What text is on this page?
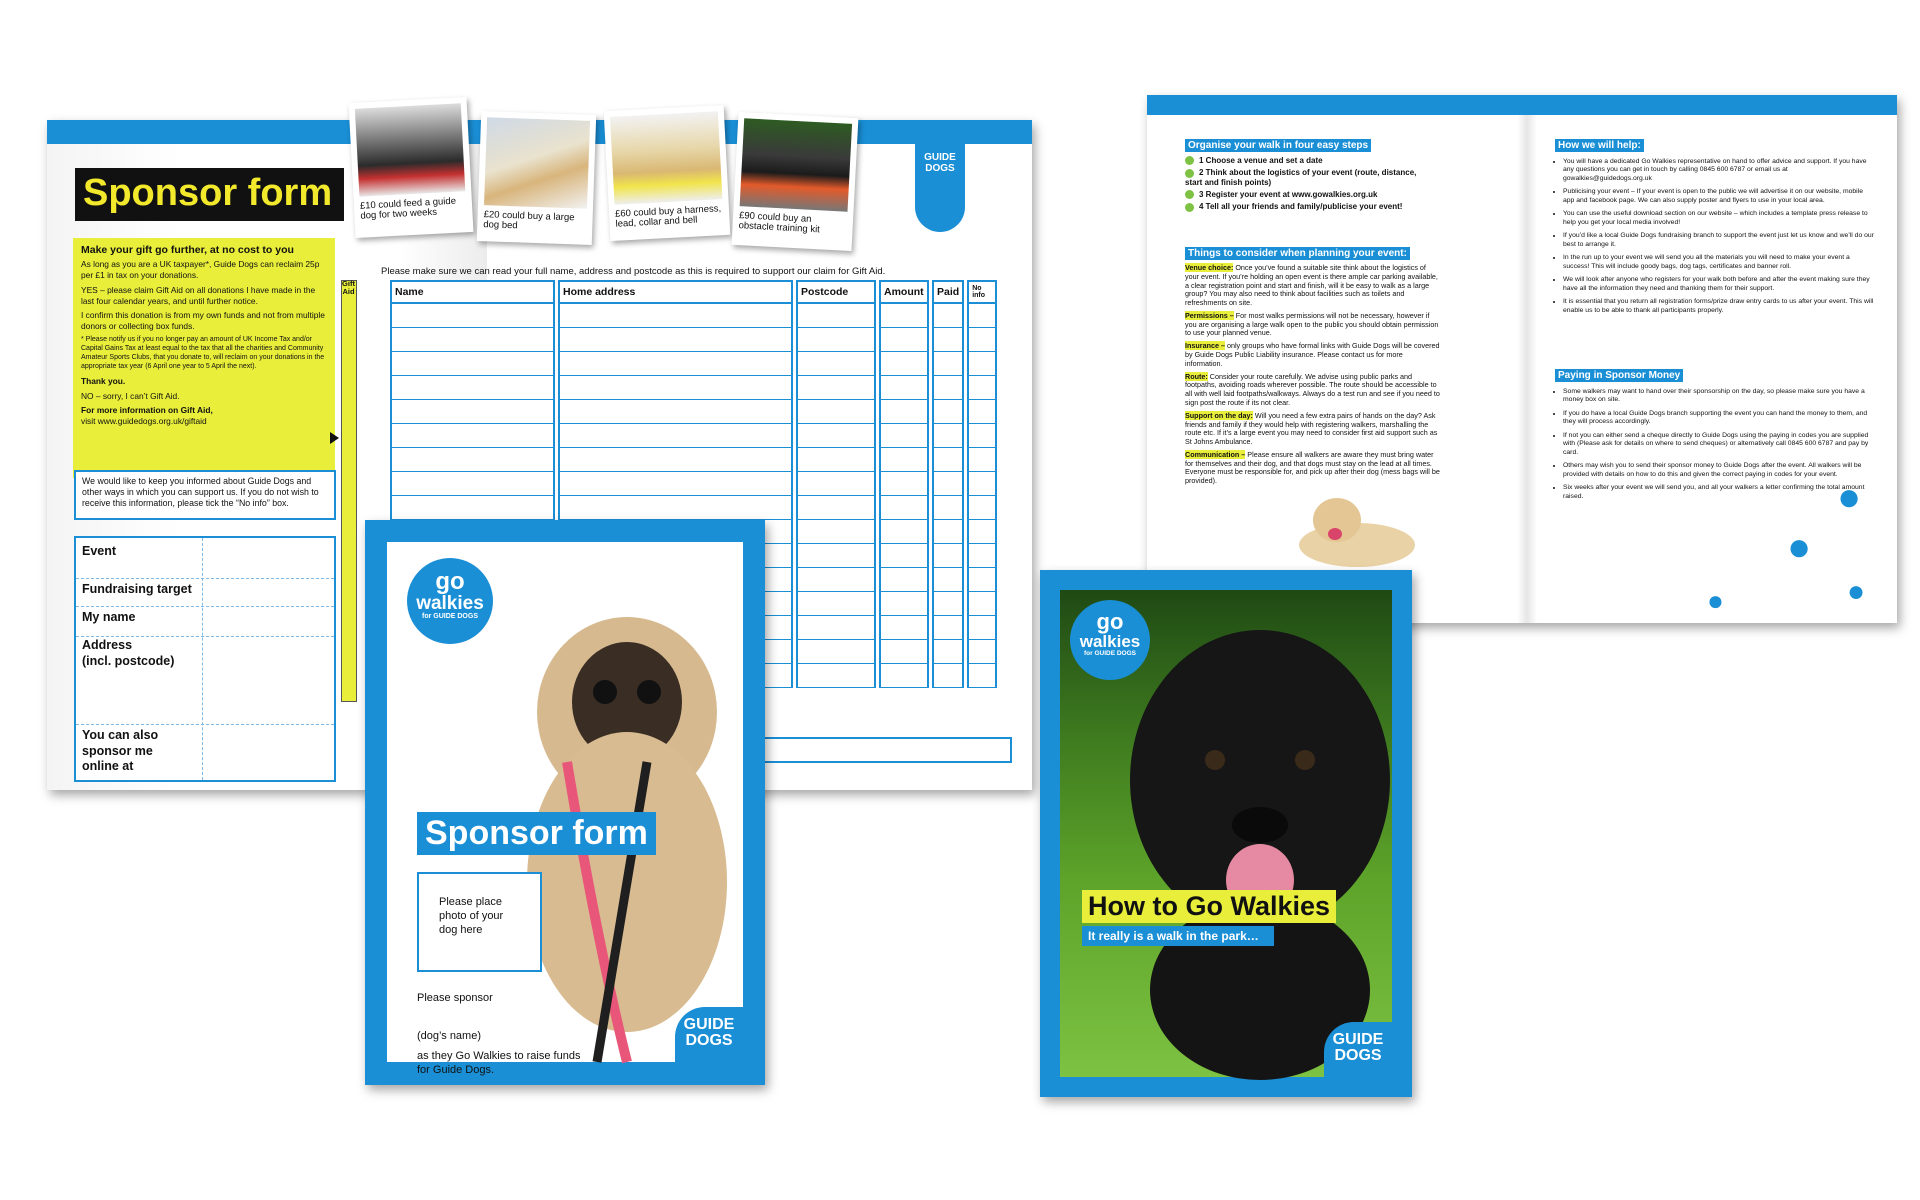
Sponsor form
Make your gift go further, at no cost to you

As long as you are a UK taxpayer*, Guide Dogs can reclaim 25p per £1 in tax on your donations.

YES – please claim Gift Aid on all donations I have made in the last four calendar years, and until further notice.

I confirm this donation is from my own funds and not from multiple donors or collecting box funds.

* Please notify us if you no longer pay an amount of UK Income Tax and/or Capital Gains Tax at least equal to the tax that all the charities and Community Amateur Sports Clubs, that you donate to, will reclaim on your donations in the appropriate tax year (6 April one year to 5 April the next).

Thank you.

NO – sorry, I can’t Gift Aid.

For more information on Gift Aid,
visit www.guidedogs.org.uk/giftaid
We would like to keep you informed about Guide Dogs and other ways in which you can support us. If you do not wish to receive this information, please tick the “No info” box.
Event
Fundraising target
My name
Address
(incl. postcode)
You can also sponsor me online at
£10 could feed a guide dog for two weeks	£20 could buy a large dog bed
£60 could buy a harness, lead, collar and bell	£90 could buy an obstacle training kit
GUIDE DOGS
Please make sure we can read your full name, address and postcode as this is required to support our claim for Gift Aid.
Gift Aid	Name	Home address	Postcode	Amount	Paid	No info

go
walkies
for GUIDE DOGS
Sponsor form
Please place photo of your dog here
Please sponsor
(dog’s name)
as they Go Walkies to raise funds for Guide Dogs.
GUIDE
DOGS
Organise your walk in four easy steps
1 Choose a venue and set a date
2 Think about the logistics of your event (route, distance, start and finish points)
3 Register your event at www.gowalkies.org.uk
4 Tell all your friends and family/publicise your event!
Things to consider when planning your event:

Venue choice: Once you’ve found a suitable site think about the logistics of your event. If you’re holding an open event is there ample car parking available, a clear registration point and start and finish, will it be easy to walk as a large group? You may also need to think about facilities such as toilets and refreshments on site.

Permissions – For most walks permissions will not be necessary, however if you are organising a large walk open to the public you should obtain permission to use your planned venue.

Insurance – only groups who have formal links with Guide Dogs will be covered by Guide Dogs Public Liability insurance. Please contact us for more information.

Route: Consider your route carefully. We advise using public parks and footpaths, avoiding roads wherever possible. The route should be accessible to all with well laid footpaths/walkways. Always do a test run and see if you need to sign post the route if its not clear.

Support on the day: Will you need a few extra pairs of hands on the day? Ask friends and family if they would help with registering walkers, marshalling the route etc. If it’s a large event you may need to consider first aid support such as St Johns Ambulance.

Communication – Please ensure all walkers are aware they must bring water for themselves and their dog, and that dogs must stay on the lead at all times. Everyone must be responsible for, and pick up after their dog (mess bags will be provided).

How we will help:
• You will have a dedicated Go Walkies representative on hand to offer advice and support. If you have any questions you can get in touch by calling 0845 600 6787 or email us at gowalkies@guidedogs.org.uk
• Publicising your event – If your event is open to the public we will advertise it on our website, mobile app and facebook page. We can also supply poster and flyers to use in your local area.
• You can use the useful download section on our website – which includes a template press release to help you get your local media involved!
• If you’d like a local Guide Dogs fundraising branch to support the event just let us know and we’ll do our best to arrange it.
• In the run up to your event we will send you all the materials you will need to make your event a success! This will include goody bags, dog tags, certificates and banner roll.
• We will look after anyone who registers for your walk both before and after the event making sure they have all the information they need and thanking them for their support.
• It is essential that you return all registration forms/prize draw entry cards to us after your event. This will enable us to be able to thank all participants properly.
Paying in Sponsor Money
• Some walkers may want to hand over their sponsorship on the day, so please make sure you have a money box on site.
• If you do have a local Guide Dogs branch supporting the event you can hand the money to them, and they will process accordingly.
• If not you can either send a cheque directly to Guide Dogs using the paying in codes you are supplied with (Please ask for details on where to send cheques) or alternatively call 0845 600 6787 and pay by card.
• Others may wish you to send their sponsor money to Guide Dogs after the event. All walkers will be provided with details on how to do this and given the correct paying in codes for your event.
• Six weeks after your event we will send you, and all your walkers a letter confirming the total amount raised.	●
●
●
●
go
walkies
for GUIDE DOGS
How to Go Walkies
It really is a walk in the park…
GUIDE
DOGS
